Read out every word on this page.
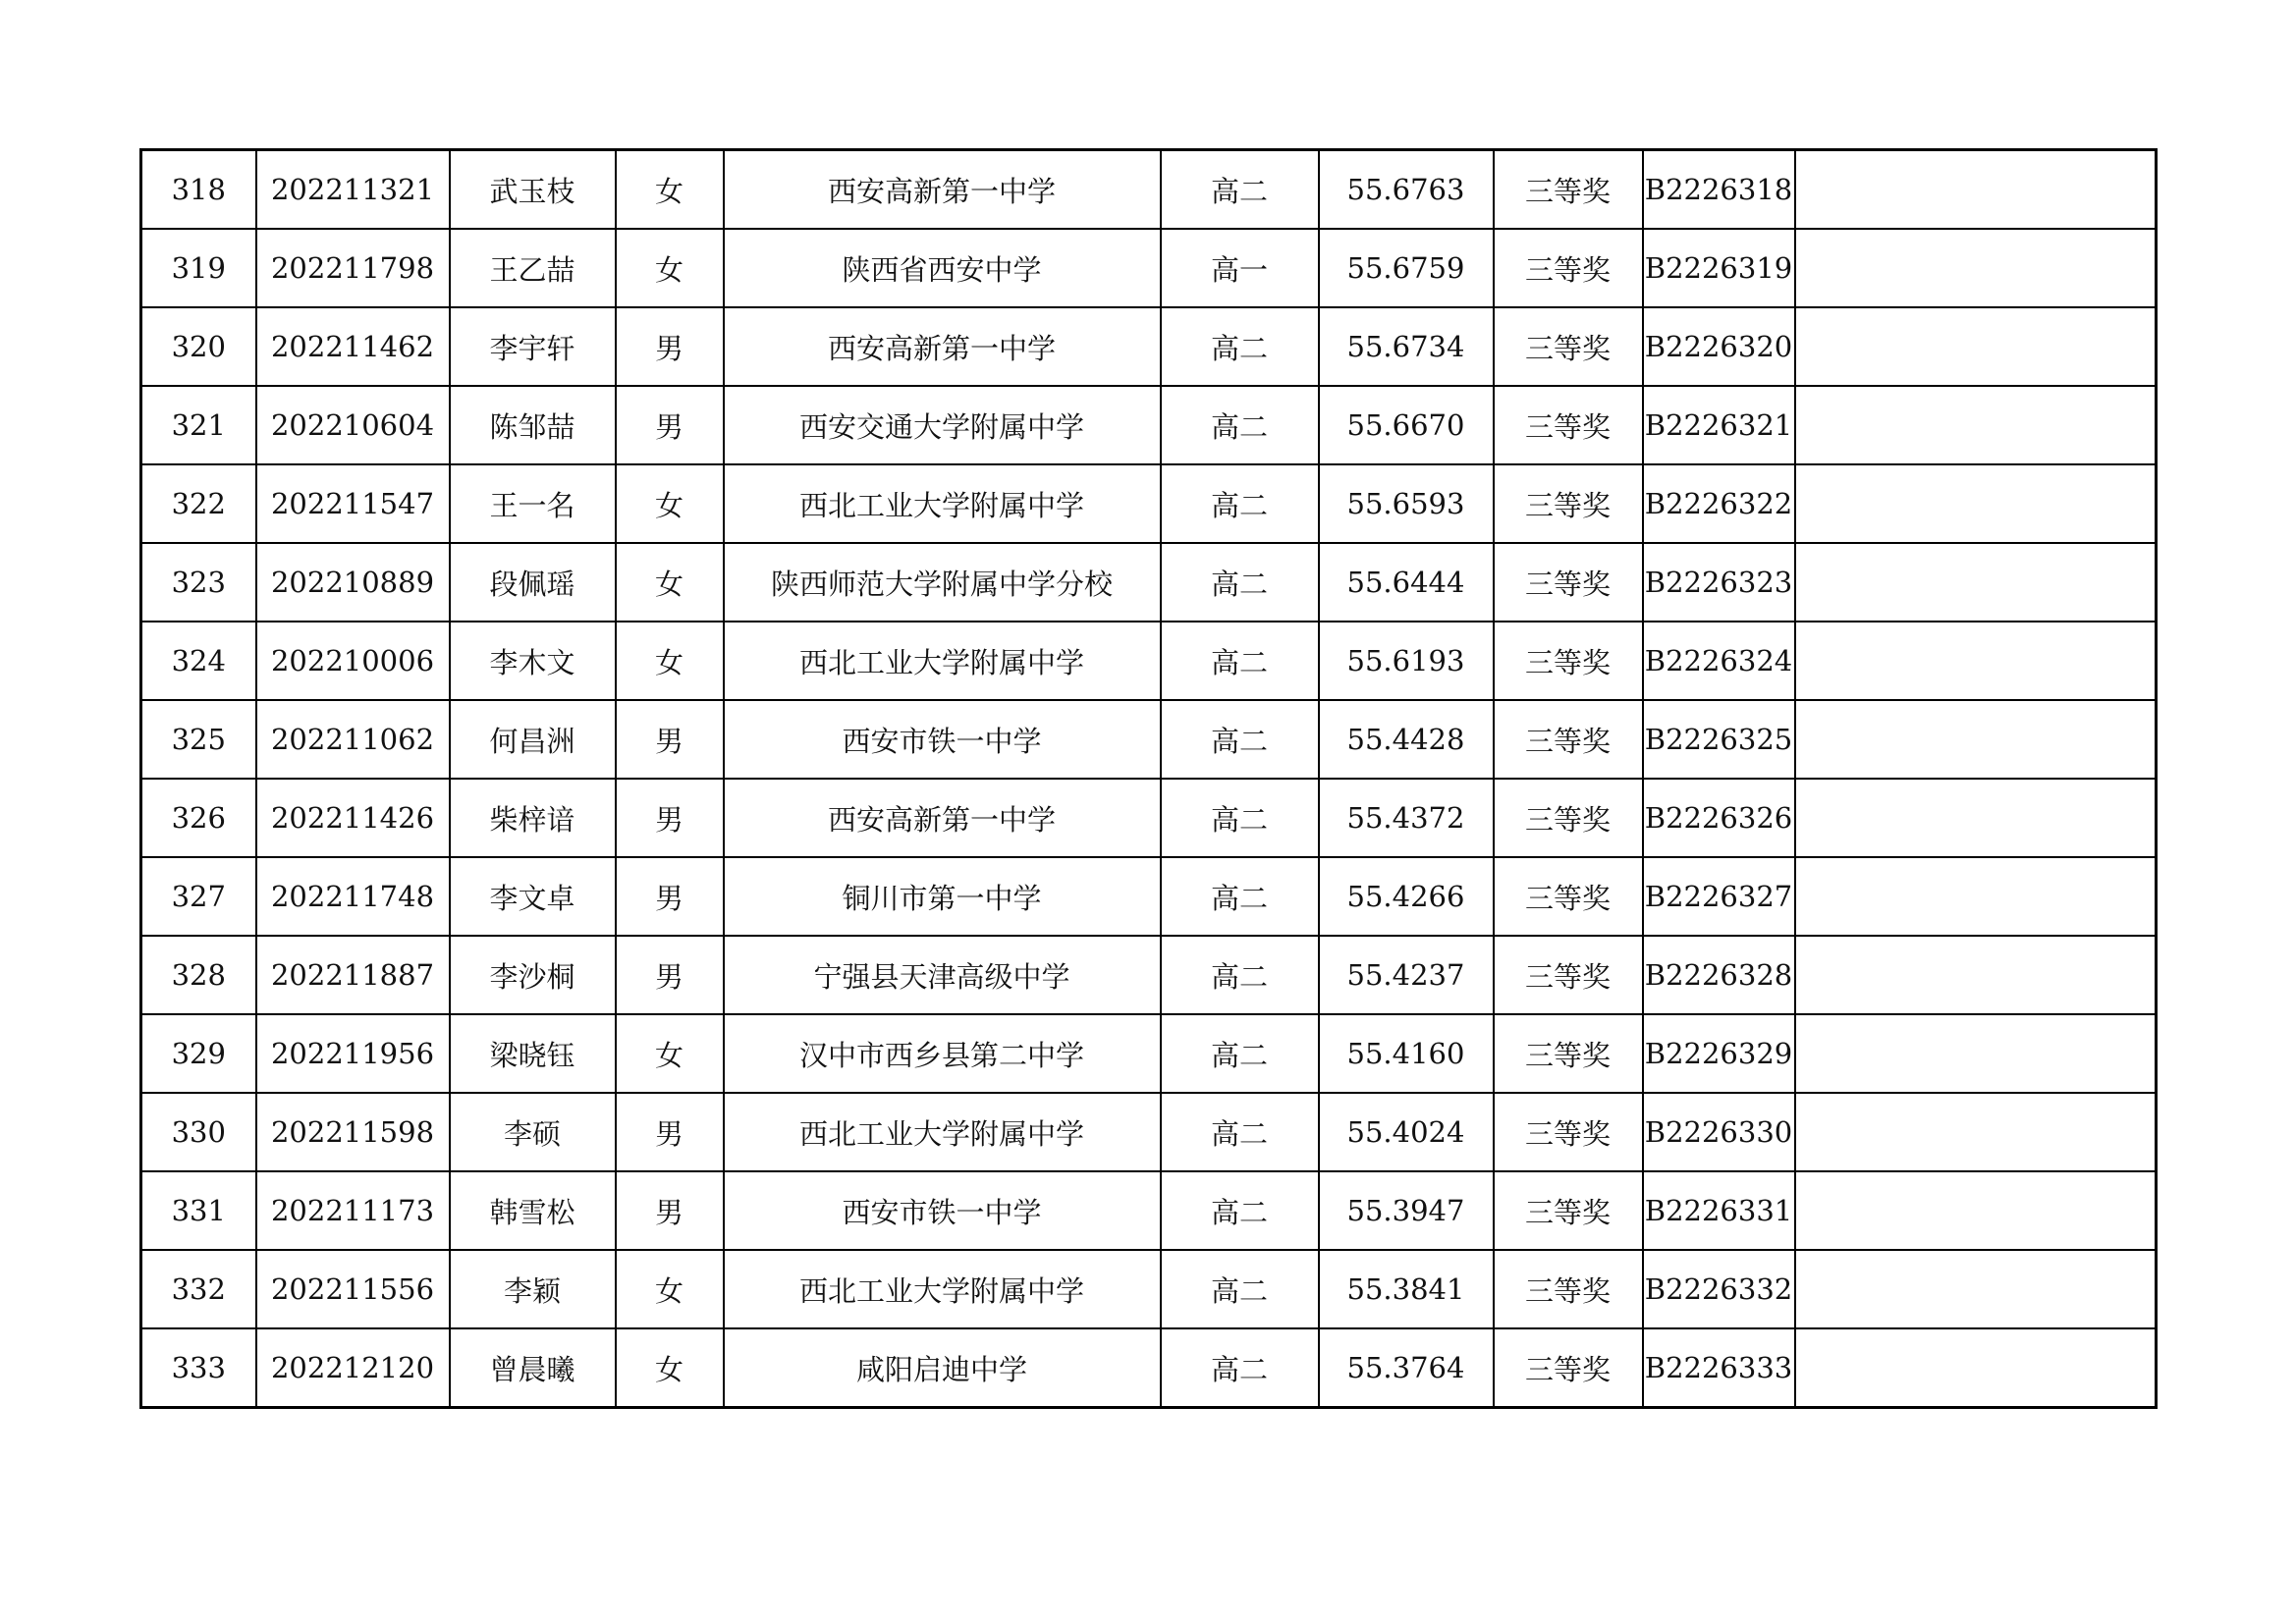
318	202211321	武玉枝	女	西安高新第一中学	高二	55.6763	三等奖	B2226318	
319	202211798	王乙喆	女	陕西省西安中学	高一	55.6759	三等奖	B2226319	
320	202211462	李宇轩	男	西安高新第一中学	高二	55.6734	三等奖	B2226320	
321	202210604	陈邹喆	男	西安交通大学附属中学	高二	55.6670	三等奖	B2226321	
322	202211547	王一名	女	西北工业大学附属中学	高二	55.6593	三等奖	B2226322	
323	202210889	段佩瑶	女	陕西师范大学附属中学分校	高二	55.6444	三等奖	B2226323	
324	202210006	李木文	女	西北工业大学附属中学	高二	55.6193	三等奖	B2226324	
325	202211062	何昌洲	男	西安市铁一中学	高二	55.4428	三等奖	B2226325	
326	202211426	柴梓谙	男	西安高新第一中学	高二	55.4372	三等奖	B2226326	
327	202211748	李文卓	男	铜川市第一中学	高二	55.4266	三等奖	B2226327	
328	202211887	李沙桐	男	宁强县天津高级中学	高二	55.4237	三等奖	B2226328	
329	202211956	梁晓钰	女	汉中市西乡县第二中学	高二	55.4160	三等奖	B2226329	
330	202211598	李硕	男	西北工业大学附属中学	高二	55.4024	三等奖	B2226330	
331	202211173	韩雪松	男	西安市铁一中学	高二	55.3947	三等奖	B2226331	
332	202211556	李颖	女	西北工业大学附属中学	高二	55.3841	三等奖	B2226332	
333	202212120	曾晨曦	女	咸阳启迪中学	高二	55.3764	三等奖	B2226333	
